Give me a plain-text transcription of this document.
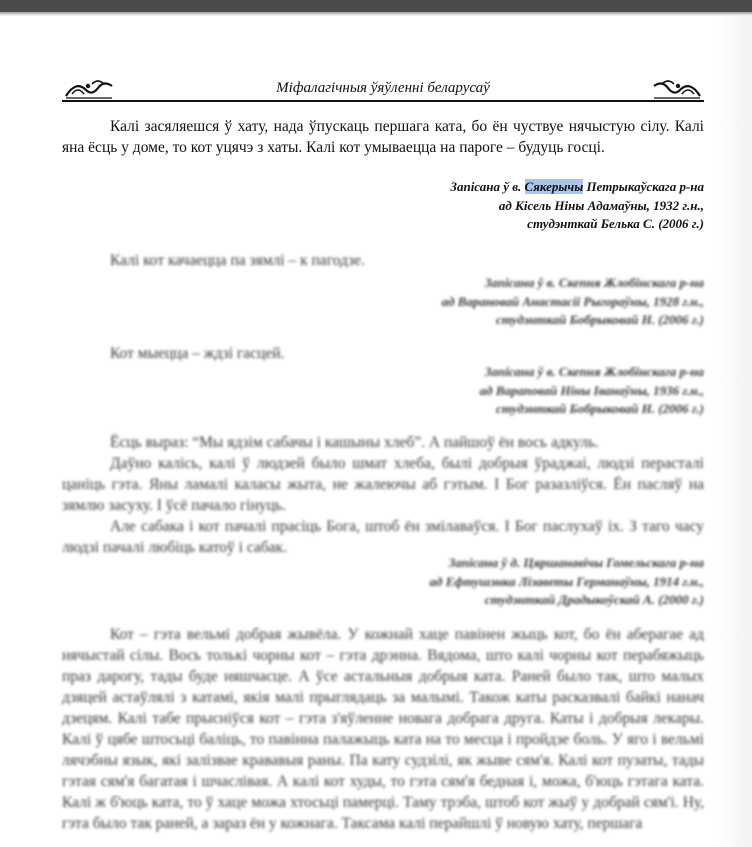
Міфалагічныя ўяўленні беларусаў

Калі засяляешся ў хату, нада ўпускаць першага ката, бо ён чуствуе нячыстую сілу. Калі яна ёсць у доме, то кот уцячэ з хаты. Калі кот умываецца на пароге – будуць госці.

Запісана ў в. Сякерычы Петрыкаўскага р-на
ад Кісель Ніны Адамаўны, 1932 г.н.,
студэнткай Белька С. (2006 г.)

Калі кот качаецца па зямлі – к пагодзе.

Запісана ў в. Скепня Жлобінскага р-на
ад Варановай Анастасіі Рыгораўны, 1928 г.н.,
студэнткай Бобрыковай Н. (2006 г.)

Кот мыецца – ждзі гасцей.

Запісана ў в. Скепня Жлобінскага р-на
ад Вараповай Ніны Іванаўны, 1936 г.н.,
студэнткай Бобрыковай Н. (2006 г.)

Ёсць выраз: “Мы ядзім сабачы і кашыны хлеб”. А пайшоў ён вось адкуль.

Даўно калісь, калі ў людзей было шмат хлеба, былі добрыя ўраджаі, людзі перасталі цаніць гэта. Яны ламалі каласы жыта, не жалеючы аб гэтым. І Бог разазліўся. Ён пасляў на зямлю засуху. І ўсё пачало гінуць.

Але сабака і кот пачалі прасіць Бога, штоб ён змілаваўся. І Бог паслухаў іх. З таго часу людзі пачалі любіць катоў і сабак.

Запісана ў д. Цяршанавічы Гомельскага р-на
ад Ефтушэнка Лізаветы Германаўны, 1914 г.н.,
студэнткай Драдыкоўскай А. (2000 г.)

Кот – гэта вельмі добрая жывёла. У кожнай хаце павінен жыць кот, бо ён аберагае ад нячыстай сілы. Вось толькі чорны кот – гэта дрэнна. Вядома, што калі чорны кот перабяжыць праз дарогу, тады буде няшчасце. А ўсе астальныя добрыя ката. Раней было так, што малых дзяцей астаўлялі з катамі, якія малі прыглядаць за малымі. Також каты расказвалі байкі нанач дзецям. Калі табе прысніўся кот – гэта з'яўленне новага добрага друга. Каты і добрыя лекары. Калі ў цябе штосьці баліць, то павінна палажыць ката на то месца і пройдзе боль. У яго і вельмі лячэбны язык, які залізвае крававыя раны. Па кату судзілі, як жыве сям'я. Калі кот пузаты, тады гэтая сям'я багатая і шчаслівая. А калі кот худы, то гэта сям'я бедная і, можа, б'юць гэтага ката. Калі ж б'юць ката, то ў хаце можа хтосьці памерці. Таму трэба, штоб кот жыў у добрай сям'і. Ну, гэта было так раней, а зараз ён у кожнага. Таксама калі перайшлі ў новую хату, першага
